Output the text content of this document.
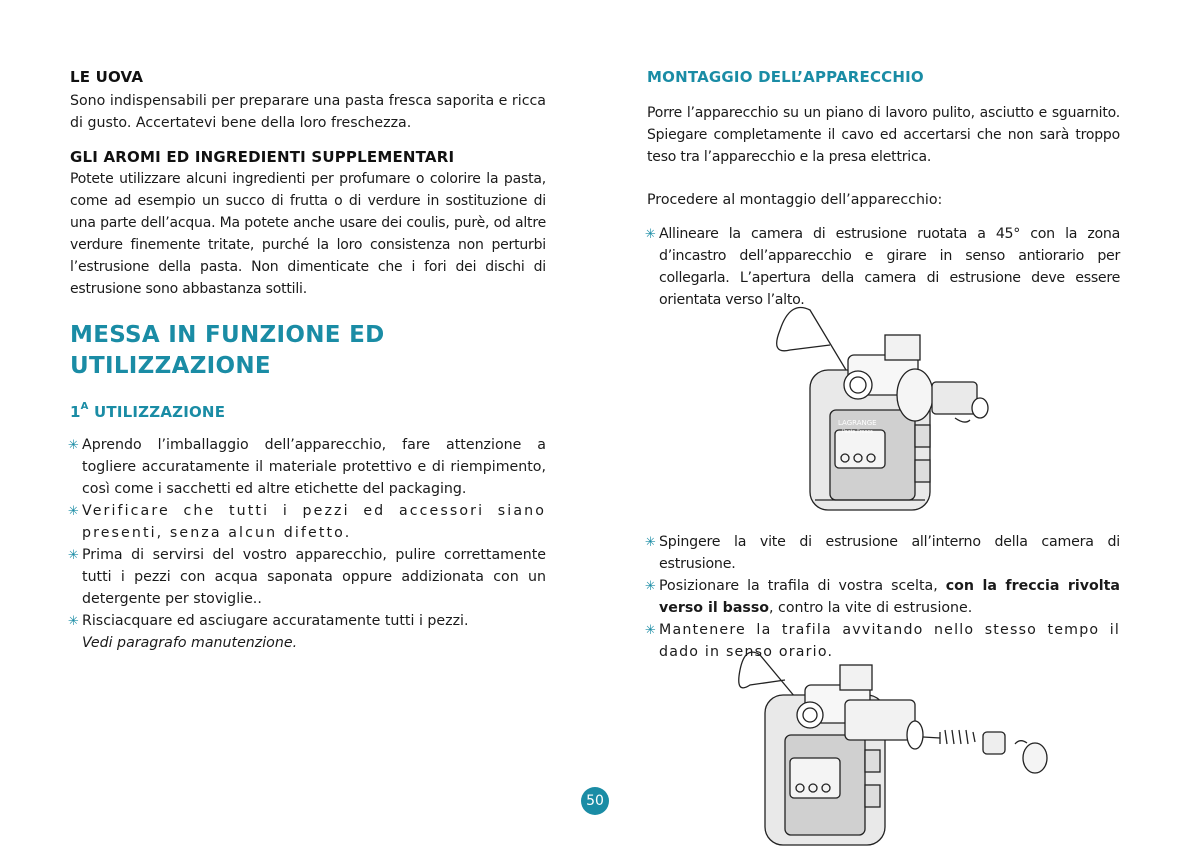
LE UOVA

Sono indispensabili per preparare una pasta fresca saporita e ricca di gusto. Accertatevi bene della loro freschezza.

GLI AROMI ED INGREDIENTI SUPPLEMENTARI

Potete utilizzare alcuni ingredienti per profumare o colorire la pasta, come ad esempio un succo di frutta o di verdure in sostituzione di una parte dell’acqua. Ma potete anche usare dei coulis, purè, od altre verdure finemente tritate, purché la loro consistenza non perturbi l’estrusione della pasta. Non dimenticate che i fori dei dischi di estrusione sono abbastanza sottili.

MESSA IN FUNZIONE ED
UTILIZZAZIONE
$1^A$ UTILIZZAZIONE
✳ Aprendo l’imballaggio dell’apparecchio, fare attenzione a togliere accuratamente il materiale protettivo e di riempimento, così come i sacchetti ed altre etichette del packaging.
✳ Verificare che tutti i pezzi ed accessori siano presenti, senza alcun difetto.
✳ Prima di servirsi del vostro apparecchio, pulire correttamente tutti i pezzi con acqua saponata oppure addizionata con un detergente per stoviglie..
✳ Risciacquare ed asciugare accuratamente tutti i pezzi.
Vedi paragrafo manutenzione.
MONTAGGIO DELL’APPARECCHIO

Porre l’apparecchio su un piano di lavoro pulito, asciutto e sguarnito. Spiegare completamente il cavo ed accertarsi che non sarà troppo teso tra l’apparecchio e la presa elettrica.

Procedere al montaggio dell’apparecchio:

✳ Allineare la camera di estrusione ruotata a 45° con la zona d’incastro dell’apparecchio e girare in senso antiorario per collegarla. L’apertura della camera di estrusione deve essere orientata verso l’alto.
✳ Spingere la vite di estrusione all’interno della camera di estrusione.
✳ Posizionare la trafila di vostra scelta, con la freccia rivolta verso il basso, contro la vite di estrusione.
✳ Mantenere la trafila avvitando nello stesso tempo il dado in senso orario.
LAGRANGE
Pasta Fresca
50
